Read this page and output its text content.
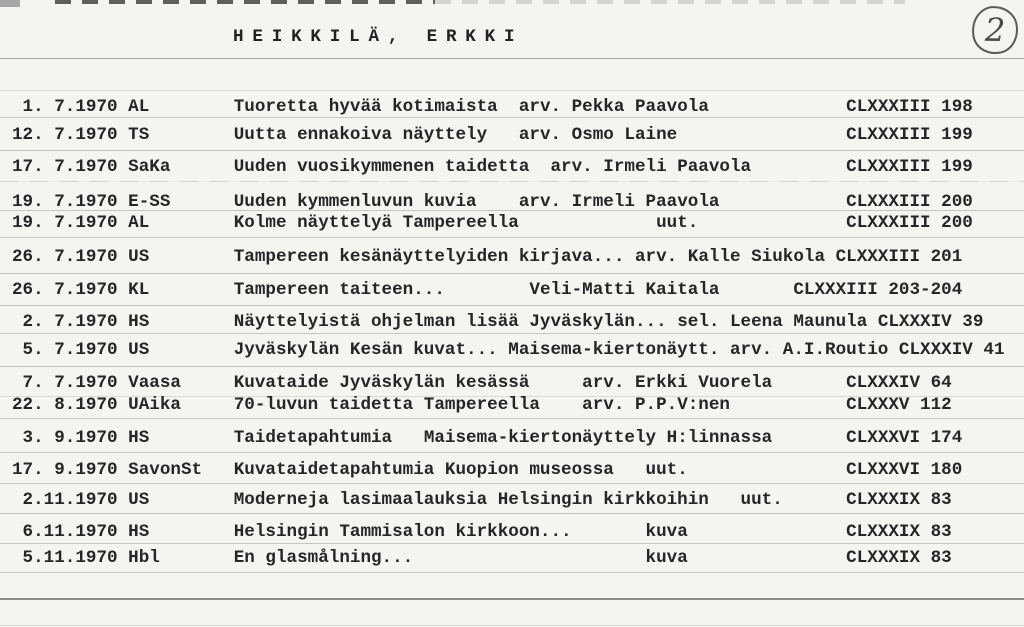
HEIKKILÄ, ERKKI	2
1. 7.1970 AL	Tuoretta hyvää kotimaista arv. Pekka Paavola	CLXXXIII 198
12. 7.1970 TS	Uutta ennakoiva näyttely arv. Osmo Laine	CLXXXIII 199
17. 7.1970 SaKa	Uuden vuosikymmenen taidetta arv. Irmeli Paavola	CLXXXIII 199
19. 7.1970 E-SS	Uuden kymmenluvun kuvia arv. Irmeli Paavola	CLXXXIII 200
19. 7.1970 AL	Kolme näyttelyä Tampereella	uut.	CLXXXIII 200
26. 7.1970 US	Tampereen kesänäyttelyiden kirjava... arv. Kalle Siukola CLXXXIII 201
26. 7.1970 KL	Tampereen taiteen...	Veli-Matti Kaitala	CLXXXIII 203-204
2. 7.1970 HS	Näyttelyistä ohjelman lisää Jyväskylän... sel. Leena Maunula CLXXXIV 39
5. 7.1970 US	Jyväskylän Kesän kuvat... Maisema-kiertonäytt. arv. A.I.Routio CLXXXIV 41
7. 7.1970 Vaasa	Kuvataide Jyväskylän kesässä	arv. Erkki Vuorela	CLXXXIV 64
22. 8.1970 UAika	70-luvun taidetta Tampereella arv. P.P.V:nen	CLXXXV 112
3. 9.1970 HS	Taidetapahtumia Maisema-kiertonäyttely H:linnassa	CLXXXVI 174
17. 9.1970 SavonSt Kuvataidetapahtumia Kuopion museossa uut.	CLXXXVI 180
2.11.1970 US	Moderneja lasimaalauksia Helsingin kirkkoihin uut.	CLXXXIX 83
6.11.1970 HS	Helsingin Tammisalon kirkkoon...	kuva	CLXXXIX 83
5.11.1970 Hbl	En glasmålning...	kuva	CLXXXIX 83
